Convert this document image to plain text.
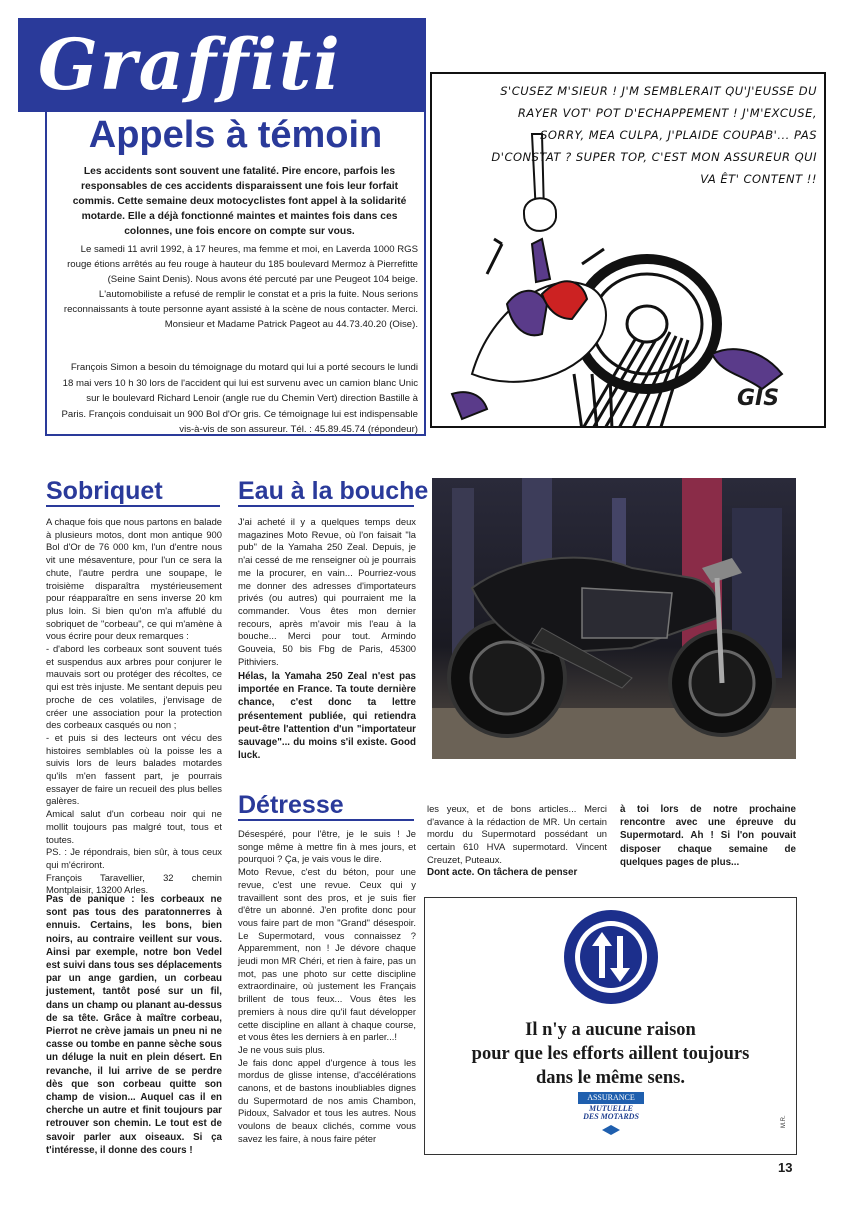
Graffiti
Appels à témoin

Les accidents sont souvent une fatalité. Pire encore, parfois les responsables de ces accidents disparaissent une fois leur forfait commis. Cette semaine deux motocyclistes font appel à la solidarité motarde. Elle a déjà fonctionné maintes et maintes fois dans ces colonnes, une fois encore on compte sur vous.

Le samedi 11 avril 1992, à 17 heures, ma femme et moi, en Laverda 1000 RGS rouge étions arrêtés au feu rouge à hauteur du 185 boulevard Mermoz à Pierrefitte (Seine Saint Denis). Nous avons été percuté par une Peugeot 104 beige. L'automobiliste a refusé de remplir le constat et a pris la fuite. Nous serions reconnaissants à toute personne ayant assisté à la scène de nous contacter. Merci.
Monsieur et Madame Patrick Pageot au 44.73.40.20 (Oise).

François Simon a besoin du témoignage du motard qui lui a porté secours le lundi 18 mai vers 10 h 30 lors de l'accident qui lui est survenu avec un camion blanc Unic sur le boulevard Richard Lenoir (angle rue du Chemin Vert) direction Bastille à Paris. François conduisait un 900 Bol d'Or gris. Ce témoignage lui est indispensable vis-à-vis de son assureur. Tél. : 45.89.45.74 (répondeur)

S'CUSEZ M'SIEUR ! J'M SEMBLERAIT QU'J'EUSSE DU RAYER VOT' POT D'ECHAPPEMENT ! J'M'EXCUSE, SORRY, MEA CULPA, J'PLAIDE COUPAB'... PAS D'CONSTAT ? SUPER TOP, C'EST MON ASSUREUR QUI VA ÊT' CONTENT !!
GIS
Sobriquet

A chaque fois que nous partons en balade à plusieurs motos, dont mon antique 900 Bol d'Or de 76 000 km, l'un d'entre nous vit une mésaventure, pour l'un ce sera la chute, l'autre perdra une soupape, le troisième disparaîtra mystérieusement pour réapparaître en sens inverse 20 km plus loin. Si bien qu'on m'a affublé du sobriquet de "corbeau", ce qui m'amène à vous écrire pour deux remarques :

- d'abord les corbeaux sont souvent tués et suspendus aux arbres pour conjurer le mauvais sort ou protéger des récoltes, ce qui est très injuste. Me sentant depuis peu proche de ces volatiles, j'envisage de créer une association pour la protection des corbeaux casqués ou non ;

- et puis si des lecteurs ont vécu des histoires semblables où la poisse les a suivis lors de leurs balades motardes qu'ils m'en fassent part, je pourrais essayer de faire un recueil des plus belles galères.

Amical salut d'un corbeau noir qui ne mollit toujours pas malgré tout, tous et toutes.

PS. : Je répondrais, bien sûr, à tous ceux qui m'écriront.

François Taravellier, 32 chemin Montplaisir, 13200 Arles.

Pas de panique : les corbeaux ne sont pas tous des paratonnerres à ennuis. Certains, les bons, bien noirs, au contraire veillent sur vous. Ainsi par exemple, notre bon Vedel est suivi dans tous ses déplacements par un ange gardien, un corbeau justement, tantôt posé sur un fil, dans un champ ou planant au-dessus de sa tête. Grâce à maître corbeau, Pierrot ne crève jamais un pneu ni ne casse ou tombe en panne sèche sous un déluge la nuit en plein désert. En revanche, il lui arrive de se perdre dès que son corbeau quitte son champ de vision... Auquel cas il en cherche un autre et finit toujours par retrouver son chemin. Le tout est de savoir parler aux oiseaux. Si ça t'intéresse, il donne des cours !

Eau à la bouche

J'ai acheté il y a quelques temps deux magazines Moto Revue, où l'on faisait "la pub" de la Yamaha 250 Zeal. Depuis, je n'ai cessé de me renseigner où je pourrais me la procurer, en vain... Pourriez-vous me donner des adresses d'importateurs privés (ou autres) qui pourraient me la commander. Vous êtes mon dernier recours, après m'avoir mis l'eau à la bouche... Merci pour tout. Armindo Gouveia, 50 bis Fbg de Paris, 45300 Pithiviers.

Hélas, la Yamaha 250 Zeal n'est pas importée en France. Ta toute dernière chance, c'est donc ta lettre présentement publiée, qui retiendra peut-être l'attention d'un "importateur sauvage"... du moins s'il existe. Good luck.

Détresse

Désespéré, pour l'être, je le suis ! Je songe même à mettre fin à mes jours, et pourquoi ? Ça, je vais vous le dire.

Moto Revue, c'est du béton, pour une revue, c'est une revue. Ceux qui y travaillent sont des pros, et je suis fier d'être un abonné. J'en profite donc pour vous faire part de mon "Grand" désespoir. Le Supermotard, vous connaissez ? Apparemment, non ! Je dévore chaque jeudi mon MR Chéri, et rien à faire, pas un mot, pas une photo sur cette discipline extraordinaire, où justement les Français brillent de tous feux... Vous êtes les premiers à nous dire qu'il faut développer cette discipline en allant à chaque course, et vous êtes les derniers à en parler...!

Je ne vous suis plus.

Je fais donc appel d'urgence à tous les mordus de glisse intense, d'accélérations canons, et de bastons inoubliables dignes du Supermotard de nos amis Chambon, Pidoux, Salvador et tous les autres. Nous voulons de beaux clichés, comme vous savez les faire, à nous faire péter

les yeux, et de bons articles... Merci d'avance à la rédaction de MR. Un certain mordu du Supermotard possédant un certain 610 HVA supermotard. Vincent Creuzet, Puteaux.

Dont acte. On tâchera de penser

à toi lors de notre prochaine rencontre avec une épreuve du Supermotard. Ah ! Si l'on pouvait disposer chaque semaine de quelques pages de plus...

Il n'y a aucune raison
pour que les efforts aillent toujours
dans le même sens.
ASSURANCE
MUTUELLE
DES MOTARDS	M.R.
13
